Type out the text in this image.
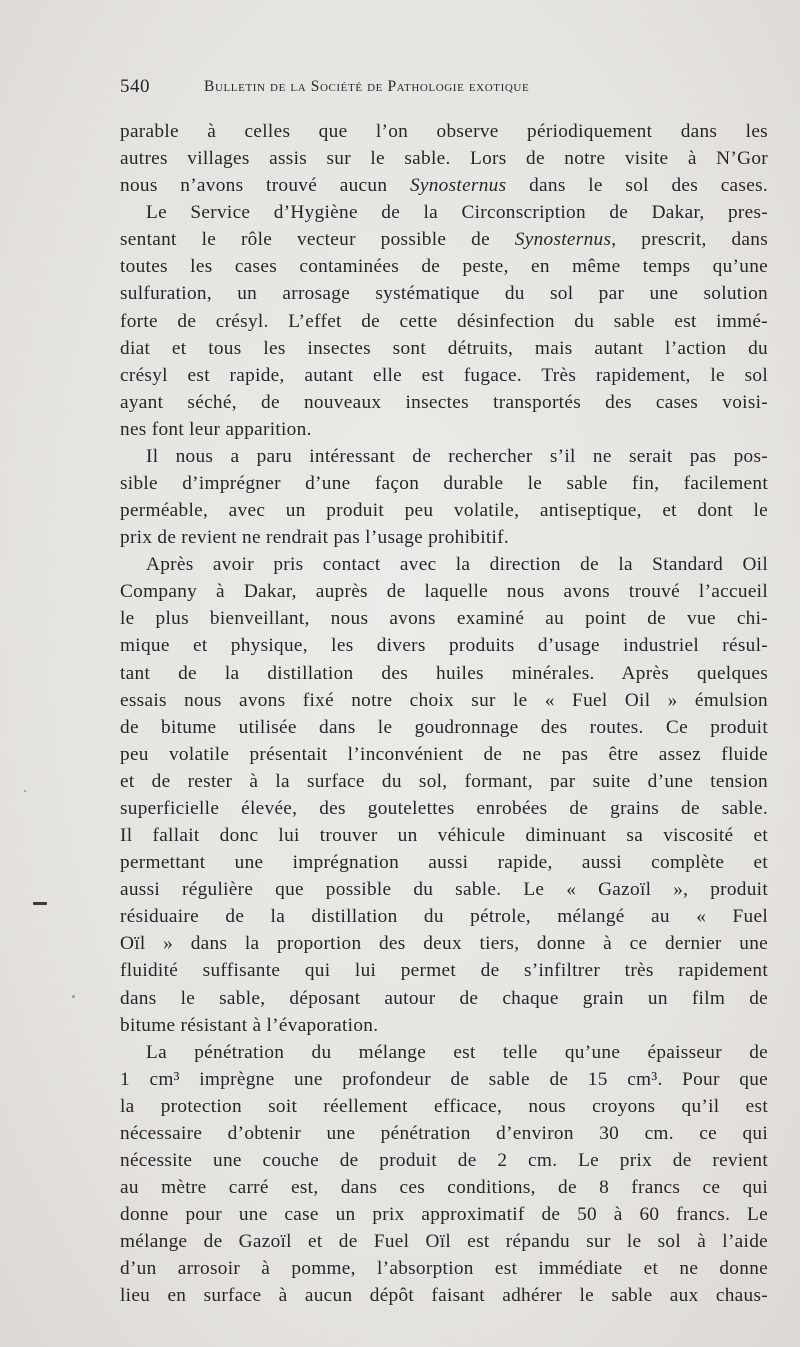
540	Bulletin de la Société de Pathologie exotique
parable à celles que l’on observe périodiquement dans les
autres villages assis sur le sable. Lors de notre visite à N’Gor
nous n’avons trouvé aucun Synosternus dans le sol des cases.
Le Service d’Hygiène de la Circonscription de Dakar, pres-
sentant le rôle vecteur possible de Synosternus, prescrit, dans
toutes les cases contaminées de peste, en même temps qu’une
sulfuration, un arrosage systématique du sol par une solution
forte de crésyl. L’effet de cette désinfection du sable est immé-
diat et tous les insectes sont détruits, mais autant l’action du
crésyl est rapide, autant elle est fugace. Très rapidement, le sol
ayant séché, de nouveaux insectes transportés des cases voisi-
nes font leur apparition.
Il nous a paru intéressant de rechercher s’il ne serait pas pos-
sible d’imprégner d’une façon durable le sable fin, facilement
perméable, avec un produit peu volatile, antiseptique, et dont le
prix de revient ne rendrait pas l’usage prohibitif.
Après avoir pris contact avec la direction de la Standard Oil
Company à Dakar, auprès de laquelle nous avons trouvé l’accueil
le plus bienveillant, nous avons examiné au point de vue chi-
mique et physique, les divers produits d’usage industriel résul-
tant de la distillation des huiles minérales. Après quelques
essais nous avons fixé notre choix sur le « Fuel Oil » émulsion
de bitume utilisée dans le goudronnage des routes. Ce produit
peu volatile présentait l’inconvénient de ne pas être assez fluide
et de rester à la surface du sol, formant, par suite d’une tension
superficielle élevée, des goutelettes enrobées de grains de sable.
Il fallait donc lui trouver un véhicule diminuant sa viscosité et
permettant une imprégnation aussi rapide, aussi complète et
aussi régulière que possible du sable. Le « Gazoïl », produit
résiduaire de la distillation du pétrole, mélangé au « Fuel
Oïl » dans la proportion des deux tiers, donne à ce dernier une
fluidité suffisante qui lui permet de s’infiltrer très rapidement
dans le sable, déposant autour de chaque grain un film de
bitume résistant à l’évaporation.
La pénétration du mélange est telle qu’une épaisseur de
1 cm³ imprègne une profondeur de sable de 15 cm³. Pour que
la protection soit réellement efficace, nous croyons qu’il est
nécessaire d’obtenir une pénétration d’environ 30 cm. ce qui
nécessite une couche de produit de 2 cm. Le prix de revient
au mètre carré est, dans ces conditions, de 8 francs ce qui
donne pour une case un prix approximatif de 50 à 60 francs. Le
mélange de Gazoïl et de Fuel Oïl est répandu sur le sol à l’aide
d’un arrosoir à pomme, l’absorption est immédiate et ne donne
lieu en surface à aucun dépôt faisant adhérer le sable aux chaus-
